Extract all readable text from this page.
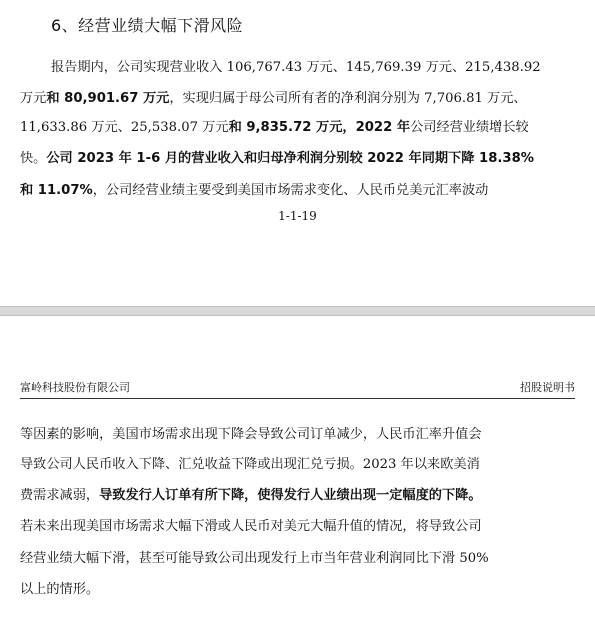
6、经营业绩大幅下滑风险
报告期内，公司实现营业收入 106,767.43 万元、145,769.39 万元、215,438.92
万元和 80,901.67 万元，实现归属于母公司所有者的净利润分别为 7,706.81 万元、
11,633.86 万元、25,538.07 万元和 9,835.72 万元，2022 年公司经营业绩增长较
快。公司 2023 年 1-6 月的营业收入和归母净利润分别较 2022 年同期下降 18.38%
和 11.07%，公司经营业绩主要受到美国市场需求变化、人民币兑美元汇率波动
1-1-19
富岭科技股份有限公司	招股说明书
等因素的影响，美国市场需求出现下降会导致公司订单减少，人民币汇率升值会
导致公司人民币收入下降、汇兑收益下降或出现汇兑亏损。2023 年以来欧美消
费需求减弱，导致发行人订单有所下降，使得发行人业绩出现一定幅度的下降。
若未来出现美国市场需求大幅下滑或人民币对美元大幅升值的情况，将导致公司
经营业绩大幅下滑，甚至可能导致公司出现发行上市当年营业利润同比下滑 50%
以上的情形。
